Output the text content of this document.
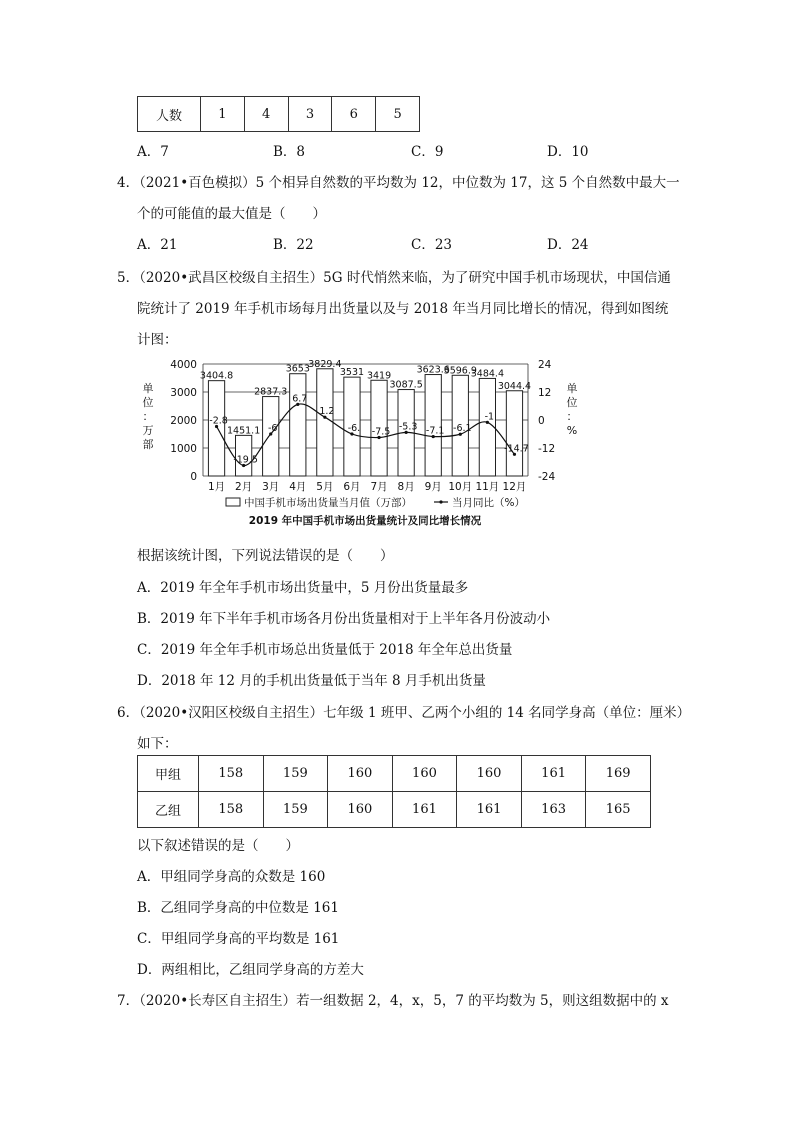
人数	1	4	3	6	5
A．7	B．8	C．9	D．10
4．（2021•百色模拟）5 个相异自然数的平均数为 12，中位数为 17，这 5 个自然数中最大一
个的可能值的最大值是（　　）
A．21	B．22	C．23	D．24
5．（2020•武昌区校级自主招生）5G 时代悄然来临，为了研究中国手机市场现状，中国信通
院统计了 2019 年手机市场每月出货量以及与 2018 年当月同比增长的情况，得到如图统
计图：
0
1000
2000
3000
4000
-24
-12
0
12
24
3404.8
1451.1
2837.3
3653
3829.4
3531 3419
3087.5
3623.6
3596.9
3484.4
3044.4
-2.8
-19.5
-6
6.7
1.2
-6. -7.5 -5.3 -7.1 -6.1
-1
-14.7
1月 2月 3月 4月 5月 6月 7月 8月 9月 10月 11月 12月
单
位
：
万
部
单
位
：
%
中国手机市场出货量当月值（万部）	当月同比（%）
2019 年中国手机市场出货量统计及同比增长情况
根据该统计图，下列说法错误的是（　　）
A．2019 年全年手机市场出货量中，5 月份出货量最多
B．2019 年下半年手机市场各月份出货量相对于上半年各月份波动小
C．2019 年全年手机市场总出货量低于 2018 年全年总出货量
D．2018 年 12 月的手机出货量低于当年 8 月手机出货量
6．（2020•汉阳区校级自主招生）七年级 1 班甲、乙两个小组的 14 名同学身高（单位：厘米）
如下：
甲组	158	159	160	160	160	161	169
乙组	158	159	160	161	161	163	165
以下叙述错误的是（　　）
A．甲组同学身高的众数是 160
B．乙组同学身高的中位数是 161
C．甲组同学身高的平均数是 161
D．两组相比，乙组同学身高的方差大
7．（2020•长寿区自主招生）若一组数据 2，4，x，5，7 的平均数为 5，则这组数据中的 x
